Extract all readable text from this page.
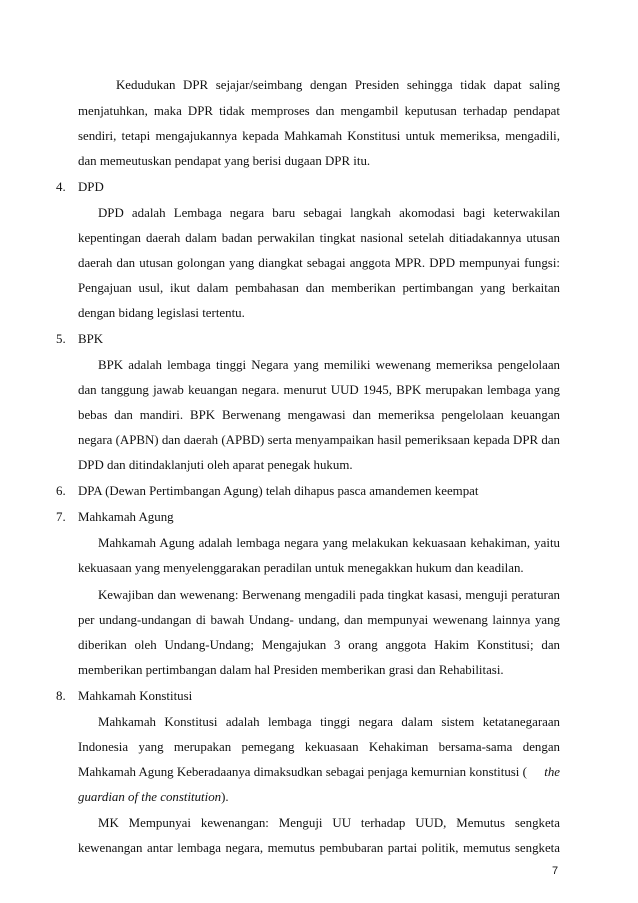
Kedudukan DPR sejajar/seimbang dengan Presiden sehingga tidak dapat saling
menjatuhkan, maka DPR tidak memproses dan mengambil keputusan terhadap pendapat
sendiri, tetapi mengajukannya kepada Mahkamah Konstitusi untuk memeriksa, mengadili,
dan memeutuskan pendapat yang berisi dugaan DPR itu.
4. DPD
DPD adalah Lembaga negara baru sebagai langkah akomodasi bagi keterwakilan
kepentingan daerah dalam badan perwakilan tingkat nasional setelah ditiadakannya utusan
daerah dan utusan golongan yang diangkat sebagai anggota MPR. DPD mempunyai fungsi:
Pengajuan usul, ikut dalam pembahasan dan memberikan pertimbangan yang berkaitan
dengan bidang legislasi tertentu.
5. BPK
BPK adalah lembaga tinggi Negara yang memiliki wewenang memeriksa pengelolaan
dan tanggung jawab keuangan negara. menurut UUD 1945, BPK merupakan lembaga yang
bebas dan mandiri. BPK Berwenang mengawasi dan memeriksa pengelolaan keuangan
negara (APBN) dan daerah (APBD) serta menyampaikan hasil pemeriksaan kepada DPR dan
DPD dan ditindaklanjuti oleh aparat penegak hukum.
6. DPA (Dewan Pertimbangan Agung) telah dihapus pasca amandemen keempat
7. Mahkamah Agung
Mahkamah Agung adalah lembaga negara yang melakukan kekuasaan kehakiman, yaitu
kekuasaan yang menyelenggarakan peradilan untuk menegakkan hukum dan keadilan.
Kewajiban dan wewenang: Berwenang mengadili pada tingkat kasasi, menguji peraturan
per undang-undangan di bawah Undang- undang, dan mempunyai wewenang lainnya yang
diberikan oleh Undang-Undang; Mengajukan 3 orang anggota Hakim Konstitusi; dan
memberikan pertimbangan dalam hal Presiden memberikan grasi dan Rehabilitasi.
8. Mahkamah Konstitusi
Mahkamah Konstitusi adalah lembaga tinggi negara dalam sistem ketatanegaraan
Indonesia yang merupakan pemegang kekuasaan Kehakiman bersama-sama dengan
Mahkamah Agung Keberadaanya dimaksudkan sebagai penjaga kemurnian konstitusi ( the
guardian of the constitution).
MK Mempunyai kewenangan: Menguji UU terhadap UUD, Memutus sengketa
kewenangan antar lembaga negara, memutus pembubaran partai politik, memutus sengketa
7
